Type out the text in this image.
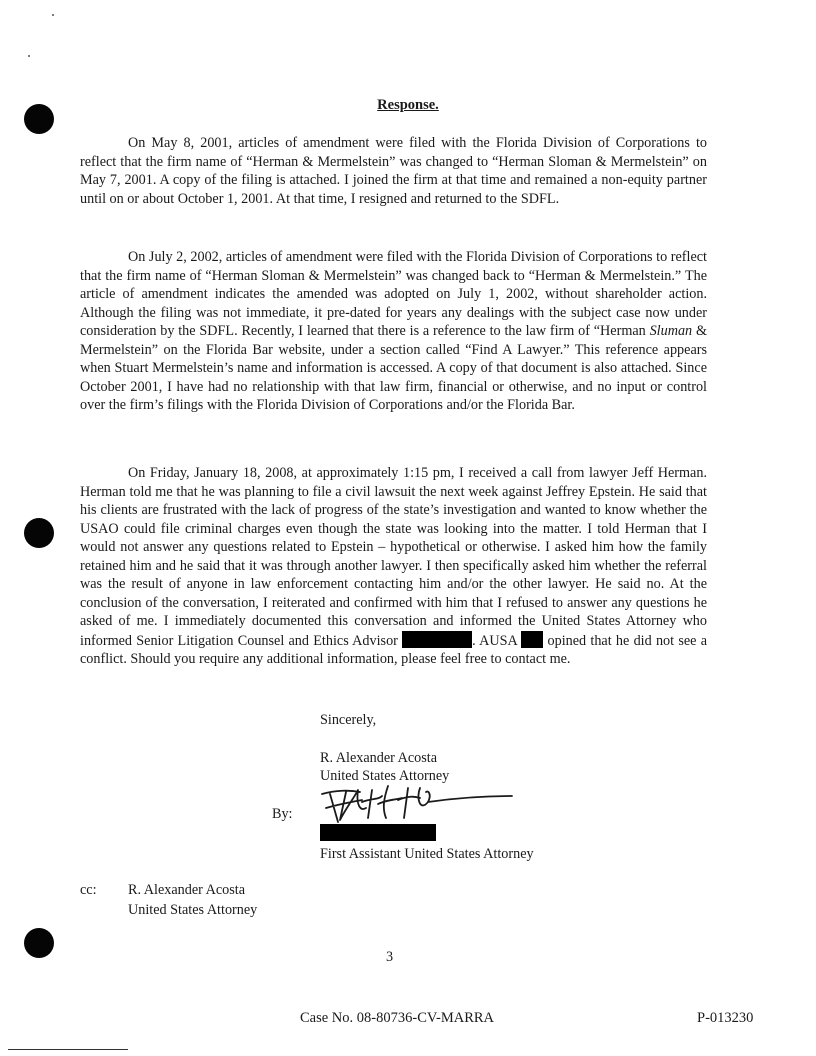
Response.

On May 8, 2001, articles of amendment were filed with the Florida Division of Corporations to reflect that the firm name of “Herman & Mermelstein” was changed to “Herman Sloman & Mermelstein” on May 7, 2001. A copy of the filing is attached. I joined the firm at that time and remained a non-equity partner until on or about October 1, 2001. At that time, I resigned and returned to the SDFL.

On July 2, 2002, articles of amendment were filed with the Florida Division of Corporations to reflect that the firm name of “Herman Sloman & Mermelstein” was changed back to “Herman & Mermelstein.” The article of amendment indicates the amended was adopted on July 1, 2002, without shareholder action. Although the filing was not immediate, it pre-dated for years any dealings with the subject case now under consideration by the SDFL. Recently, I learned that there is a reference to the law firm of “Herman Sluman & Mermelstein” on the Florida Bar website, under a section called “Find A Lawyer.” This reference appears when Stuart Mermelstein’s name and information is accessed. A copy of that document is also attached. Since October 2001, I have had no relationship with that law firm, financial or otherwise, and no input or control over the firm’s filings with the Florida Division of Corporations and/or the Florida Bar.

On Friday, January 18, 2008, at approximately 1:15 pm, I received a call from lawyer Jeff Herman. Herman told me that he was planning to file a civil lawsuit the next week against Jeffrey Epstein. He said that his clients are frustrated with the lack of progress of the state’s investigation and wanted to know whether the USAO could file criminal charges even though the state was looking into the matter. I told Herman that I would not answer any questions related to Epstein – hypothetical or otherwise. I asked him how the family retained him and he said that it was through another lawyer. I then specifically asked him whether the referral was the result of anyone in law enforcement contacting him and/or the other lawyer. He said no. At the conclusion of the conversation, I reiterated and confirmed with him that I refused to answer any questions he asked of me. I immediately documented this conversation and informed the United States Attorney who informed Senior Litigation Counsel and Ethics Advisor	. AUSA  opined that he did not see a conflict. Should you require any additional information, please feel free to contact me.

Sincerely,
R. Alexander Acosta
United States Attorney
By:
First Assistant United States Attorney
cc: R. Alexander Acosta
United States Attorney
3
Case No. 08-80736-CV-MARRA	P-013230
